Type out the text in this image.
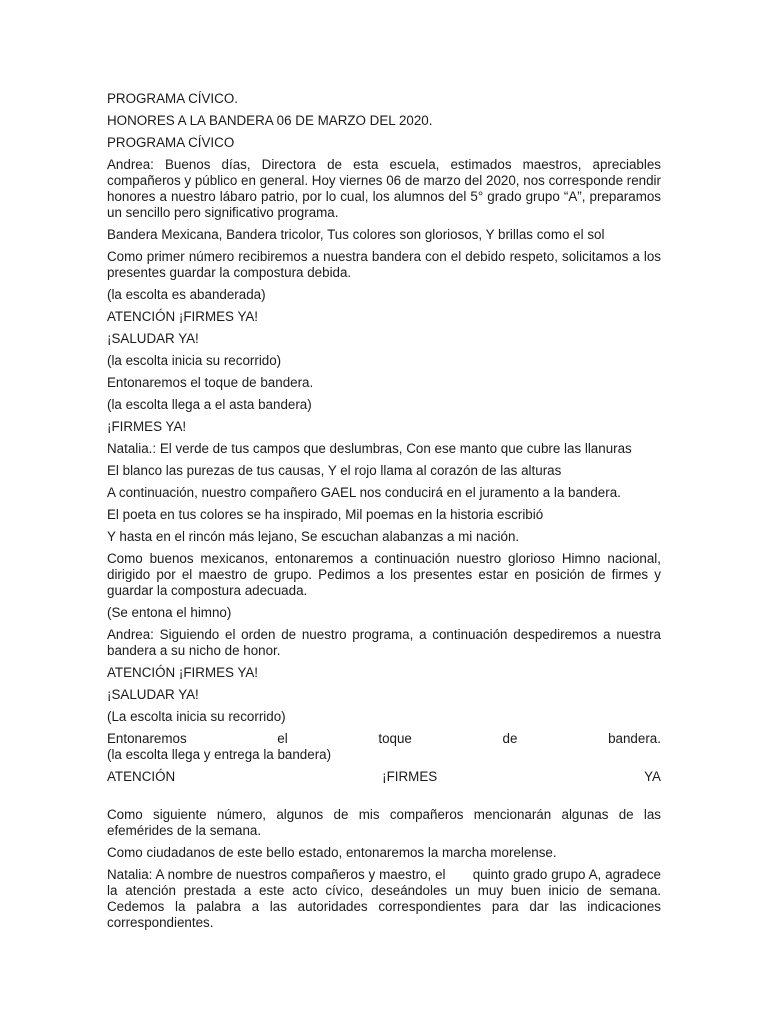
PROGRAMA CÍVICO.

HONORES A LA BANDERA 06 DE MARZO DEL 2020.

PROGRAMA CÍVICO

Andrea: Buenos días, Directora de esta escuela, estimados maestros, apreciables compañeros y público en general. Hoy viernes 06 de marzo del 2020, nos corresponde rendir honores a nuestro lábaro patrio, por lo cual, los alumnos del 5° grado grupo “A”, preparamos un sencillo pero significativo programa.

Bandera Mexicana, Bandera tricolor, Tus colores son gloriosos, Y brillas como el sol

Como primer número recibiremos a nuestra bandera con el debido respeto, solicitamos a los presentes guardar la compostura debida.

(la escolta es abanderada)

ATENCIÓN ¡FIRMES YA!

¡SALUDAR YA!

(la escolta inicia su recorrido)

Entonaremos el toque de bandera.

(la escolta llega a el asta bandera)

¡FIRMES YA!

Natalia.: El verde de tus campos que deslumbras, Con ese manto que cubre las llanuras

El blanco las purezas de tus causas, Y el rojo llama al corazón de las alturas

A continuación, nuestro compañero GAEL nos conducirá en el juramento a la bandera.

El poeta en tus colores se ha inspirado, Mil poemas en la historia escribió

Y hasta en el rincón más lejano, Se escuchan alabanzas a mi nación.

Como buenos mexicanos, entonaremos a continuación nuestro glorioso Himno nacional, dirigido por el maestro de grupo. Pedimos a los presentes estar en posición de firmes y guardar la compostura adecuada.

(Se entona el himno)

Andrea: Siguiendo el orden de nuestro programa, a continuación despediremos a nuestra bandera a su nicho de honor.

ATENCIÓN ¡FIRMES YA!

¡SALUDAR YA!

(La escolta inicia su recorrido)

Entonaremos	el	toque	de	bandera.
(la escolta llega y entrega la bandera)
ATENCIÓN	¡FIRMES	YA

Como siguiente número, algunos de mis compañeros mencionarán algunas de las efemérides de la semana.

Como ciudadanos de este bello estado, entonaremos la marcha morelense.

Natalia: A nombre de nuestros compañeros y maestro, el       quinto grado grupo A, agradece la atención prestada a este acto cívico, deseándoles un muy buen inicio de semana. Cedemos la palabra a las autoridades correspondientes para dar las indicaciones correspondientes.
